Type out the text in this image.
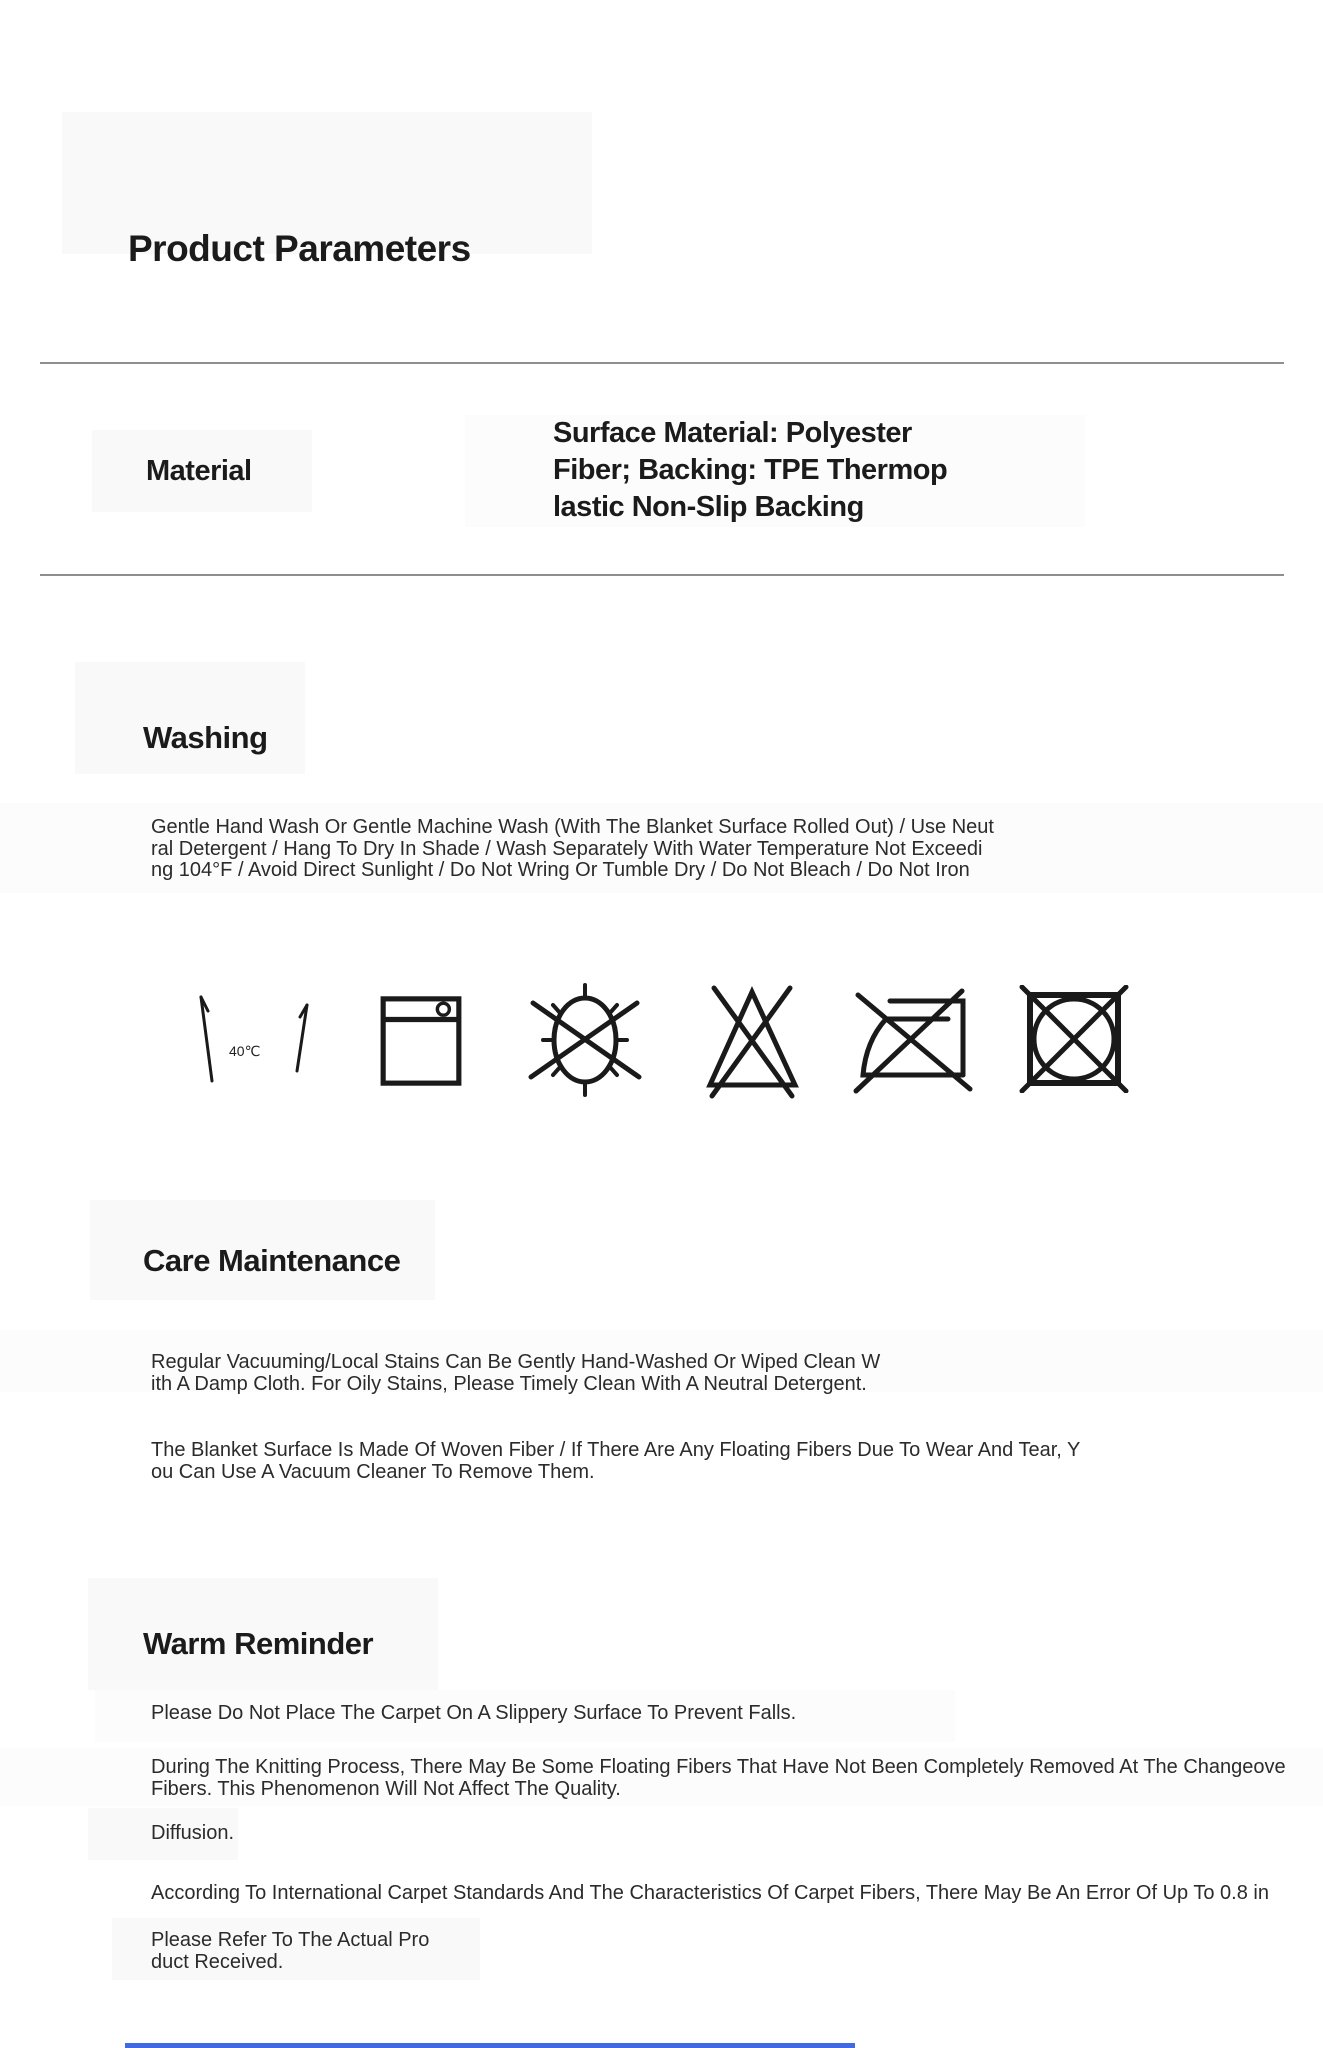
Product Parameters
Material
Surface Material: Polyester
Fiber; Backing: TPE Thermop
lastic Non-Slip Backing
Washing
Gentle Hand Wash Or Gentle Machine Wash (With The Blanket Surface Rolled Out) / Use Neut
ral Detergent / Hang To Dry In Shade / Wash Separately With Water Temperature Not Exceedi
ng 104°F / Avoid Direct Sunlight / Do Not Wring Or Tumble Dry / Do Not Bleach / Do Not Iron
40℃
Care Maintenance
Regular Vacuuming/Local Stains Can Be Gently Hand-Washed Or Wiped Clean W
ith A Damp Cloth. For Oily Stains, Please Timely Clean With A Neutral Detergent.
The Blanket Surface Is Made Of Woven Fiber / If There Are Any Floating Fibers Due To Wear And Tear, Y
ou Can Use A Vacuum Cleaner To Remove Them.
Warm Reminder
Please Do Not Place The Carpet On A Slippery Surface To Prevent Falls.
During The Knitting Process, There May Be Some Floating Fibers That Have Not Been Completely Removed At The Changeove
Fibers. This Phenomenon Will Not Affect The Quality.
Diffusion.
According To International Carpet Standards And The Characteristics Of Carpet Fibers, There May Be An Error Of Up To 0.8 in
Please Refer To The Actual Pro
duct Received.
